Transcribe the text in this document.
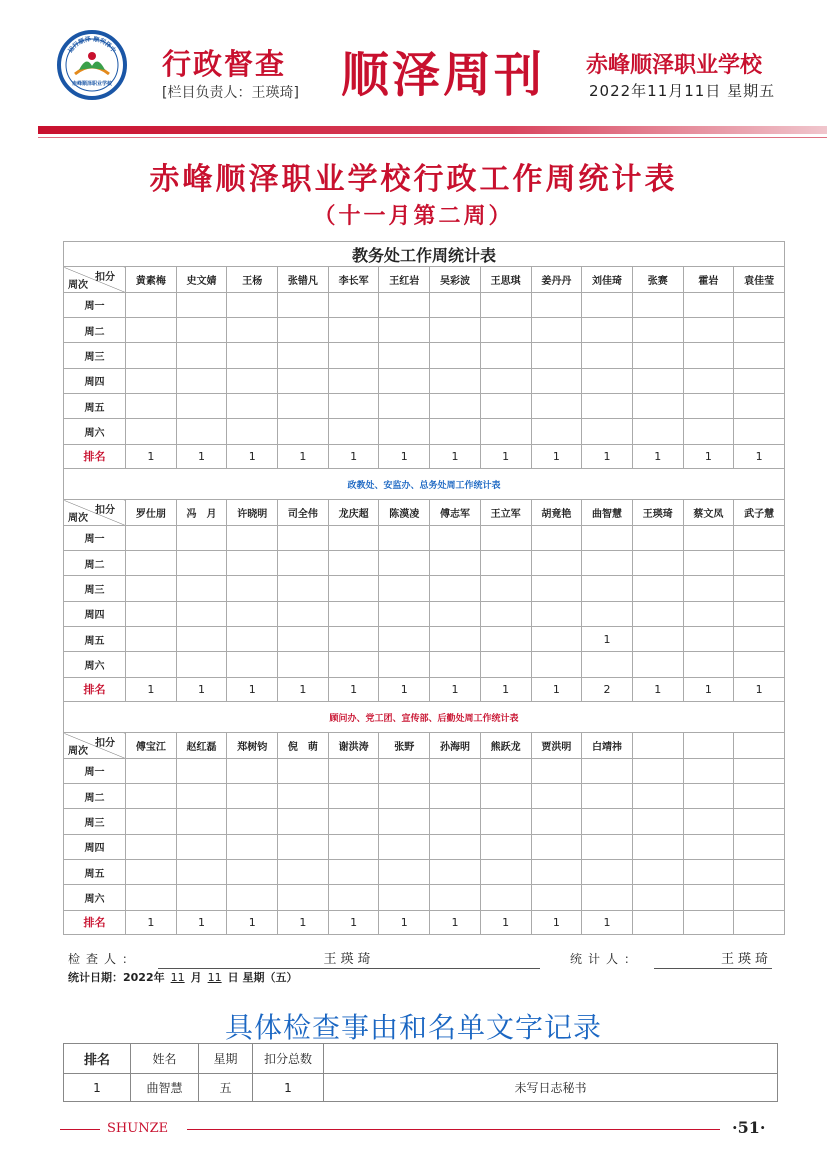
运行顺泽 顺利泽中
赤峰顺泽职业学校
行政督查
[栏目负责人：王瑛琦] 顺泽周刊 赤峰顺泽职业学校
2022年11月11日 星期五
赤峰顺泽职业学校行政工作周统计表
（十一月第二周）
教务处工作周统计表													

扣分
周次	黄素梅	史文婧	王杨	张错凡	李长军	王红岩	吴彩波	王思琪	姜丹丹	刘佳琦	张赛	霍岩	袁佳莹
周一													
周二													
周三													
周四													
周五													
周六													
排名	1	1	1	1	1	1	1	1	1	1	1	1	1
政教处、安监办、总务处周工作统计表													

扣分
周次	罗仕朋	冯　月	许晓明	司全伟	龙庆超	陈漠凌	傅志军	王立军	胡竟艳	曲智慧	王瑛琦	蔡文凤	武子慧
周一													
周二													
周三													
周四													
周五										1			
周六													
排名	1	1	1	1	1	1	1	1	1	2	1	1	1
顾问办、党工团、宣传部、后勤处周工作统计表													

扣分
周次	傅宝江	赵红磊	郑树钧	倪　萌	谢洪涛	张野	孙海明	熊跃龙	贾洪明	白靖祎			
周一													
周二													
周三													
周四													
周五													
周六													
排名	1	1	1	1	1	1	1	1	1	1			
检查人：	王瑛琦	统计人：	王瑛琦
统计日期：2022年 11 月 11 日 星期（五）
具体检查事由和名单文字记录
排名	姓名	星期	扣分总数	
1	曲智慧	五	1	未写日志秘书
SHUNZE	·51·
